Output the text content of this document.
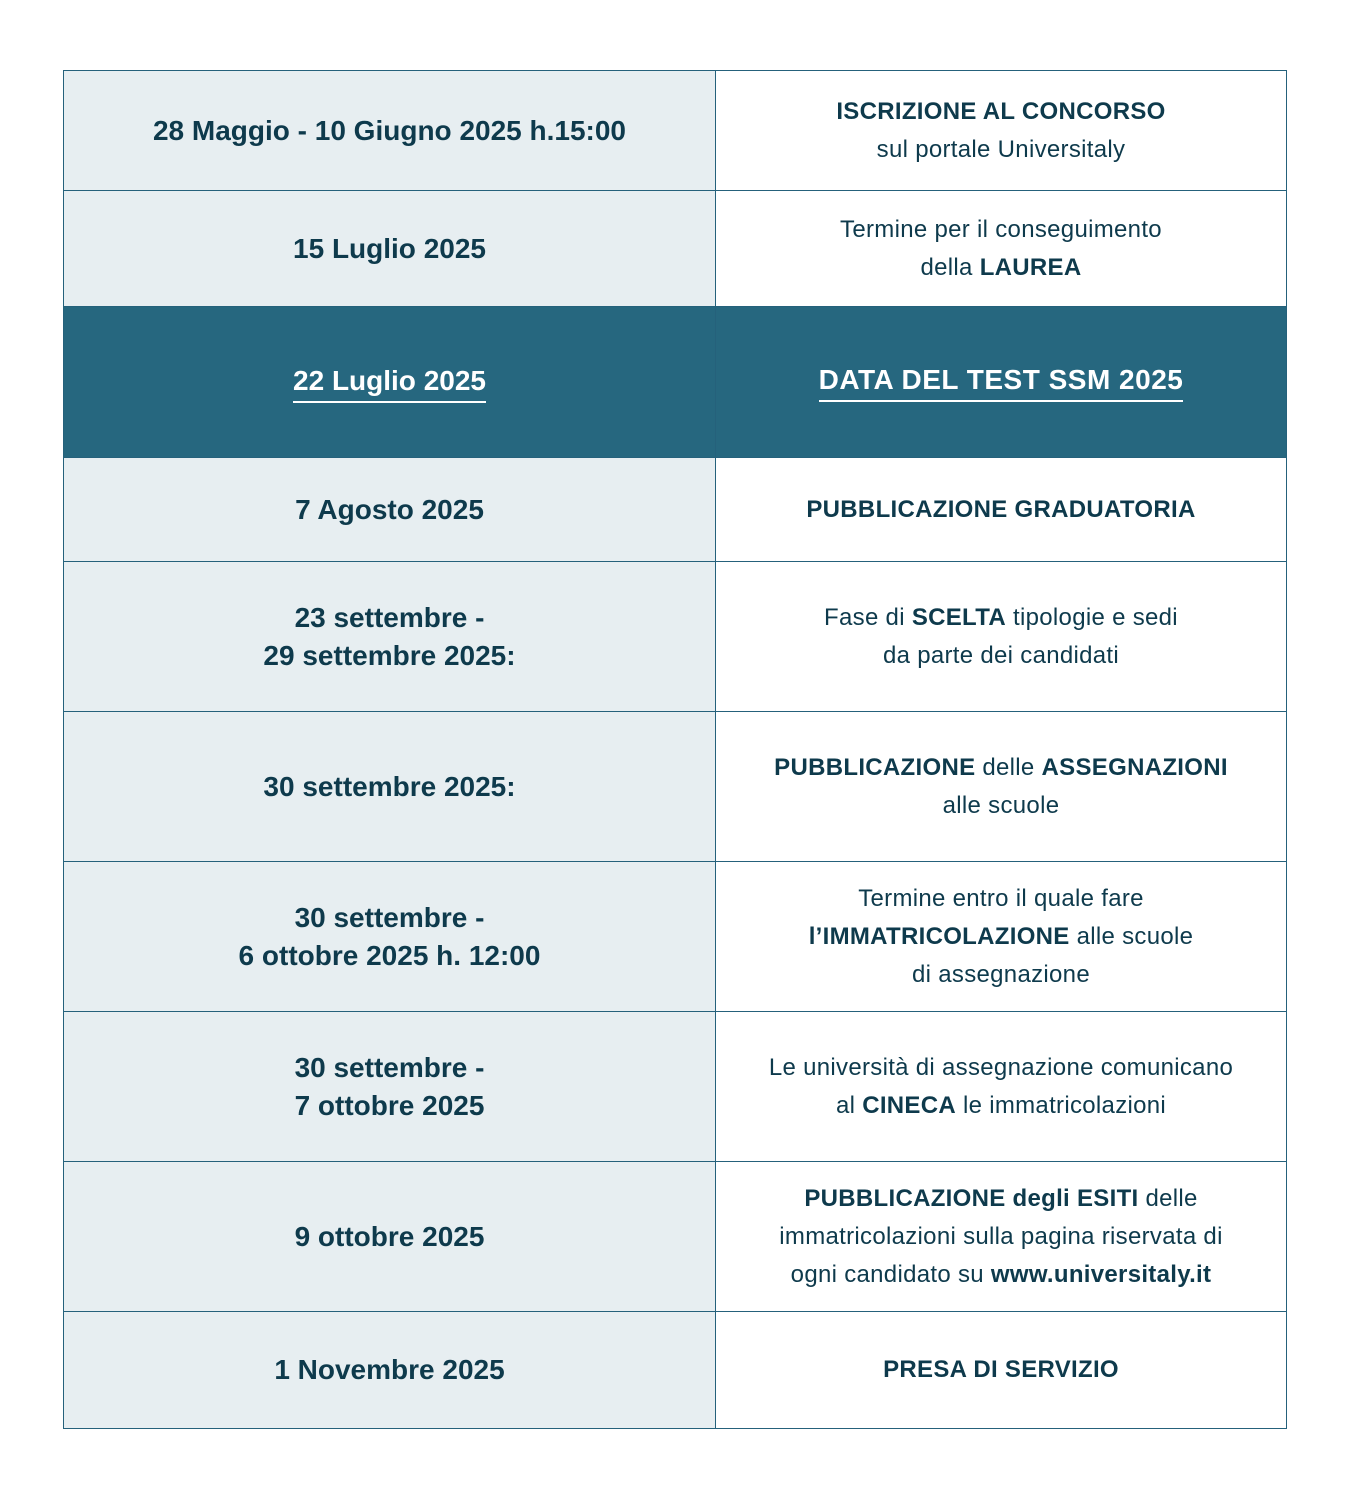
28 Maggio - 10 Giugno 2025 h.15:00	ISCRIZIONE AL CONCORSO
sul portale Universitaly

15 Luglio 2025	Termine per il conseguimento
della LAUREA

22 Luglio 2025	DATA DEL TEST SSM 2025

7 Agosto 2025	PUBBLICAZIONE GRADUATORIA

23 settembre -
29 settembre 2025:	Fase di SCELTA tipologie e sedi
da parte dei candidati

30 settembre 2025:	PUBBLICAZIONE delle ASSEGNAZIONI
alle scuole

30 settembre -
6 ottobre 2025 h. 12:00	Termine entro il quale fare
l’IMMATRICOLAZIONE alle scuole
di assegnazione

30 settembre -
7 ottobre 2025	Le università di assegnazione comunicano
al CINECA le immatricolazioni

9 ottobre 2025	PUBBLICAZIONE degli ESITI delle
immatricolazioni sulla pagina riservata di
ogni candidato su www.universitaly.it

1 Novembre 2025	PRESA DI SERVIZIO
